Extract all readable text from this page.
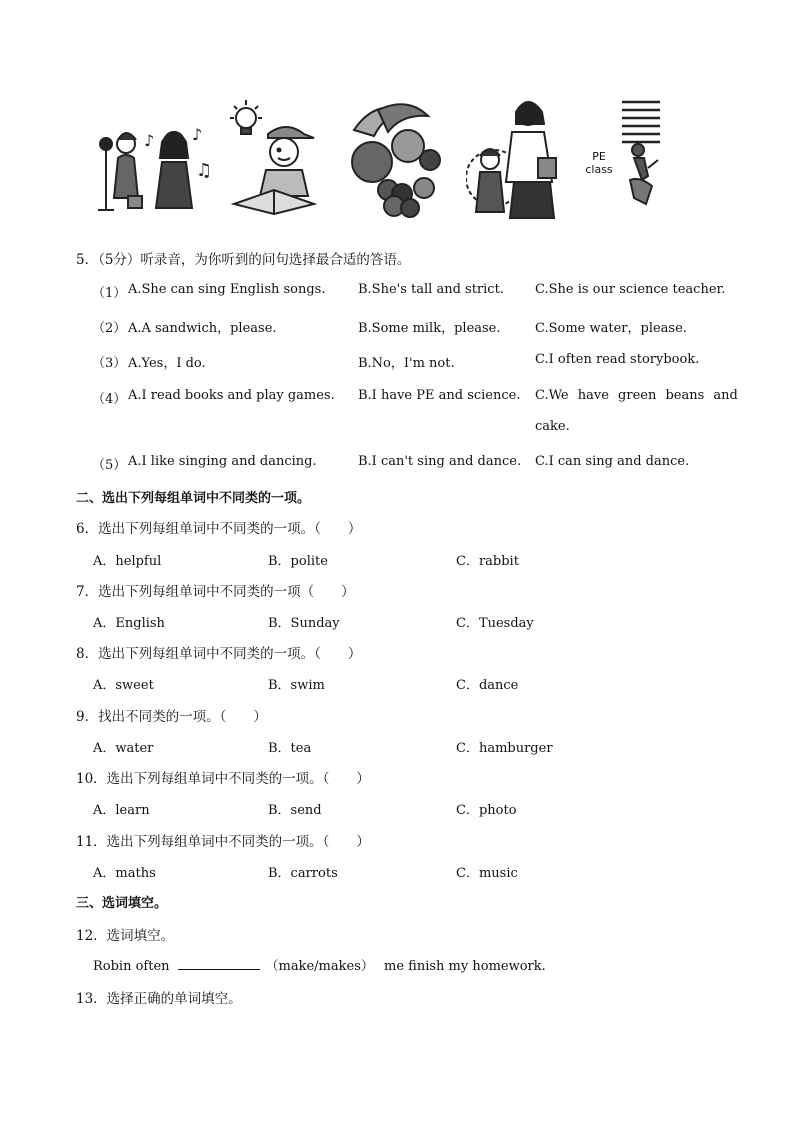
♪ ♪
♫
PE
class
5．（5分）听录音，为你听到的问句选择最合适的答语。
（1） A.She can sing English songs.	B.She's tall and strict. C.She is our science teacher.
（2） A.A sandwich，please.	B.Some milk，please.	C.Some water，please.
（3） A.Yes，I do.	B.No，I'm not.	C.I often read storybook.
（4） A.I read books and play games. B.I have PE and science. C.We have green beans and
cake.
（5） A.I like singing and dancing.	B.I can't sing and dance. C.I can sing and dance.
二、选出下列每组单词中不同类的一项。
6．选出下列每组单词中不同类的一项。（　　）
A．helpful	B．polite	C．rabbit
7．选出下列每组单词中不同类的一项（　　）
A．English	B．Sunday	C．Tuesday
8．选出下列每组单词中不同类的一项。（　　）
A．sweet	B．swim	C．dance
9．找出不同类的一项。（　　）
A．water	B．tea	C．hamburger
10．选出下列每组单词中不同类的一项。（　　）
A．learn	B．send	C．photo
11．选出下列每组单词中不同类的一项。（　　）
A．maths	B．carrots	C．music
三、选词填空。
12．选词填空。
Robin often	（make/makes） me finish my homework.
13．选择正确的单词填空。
